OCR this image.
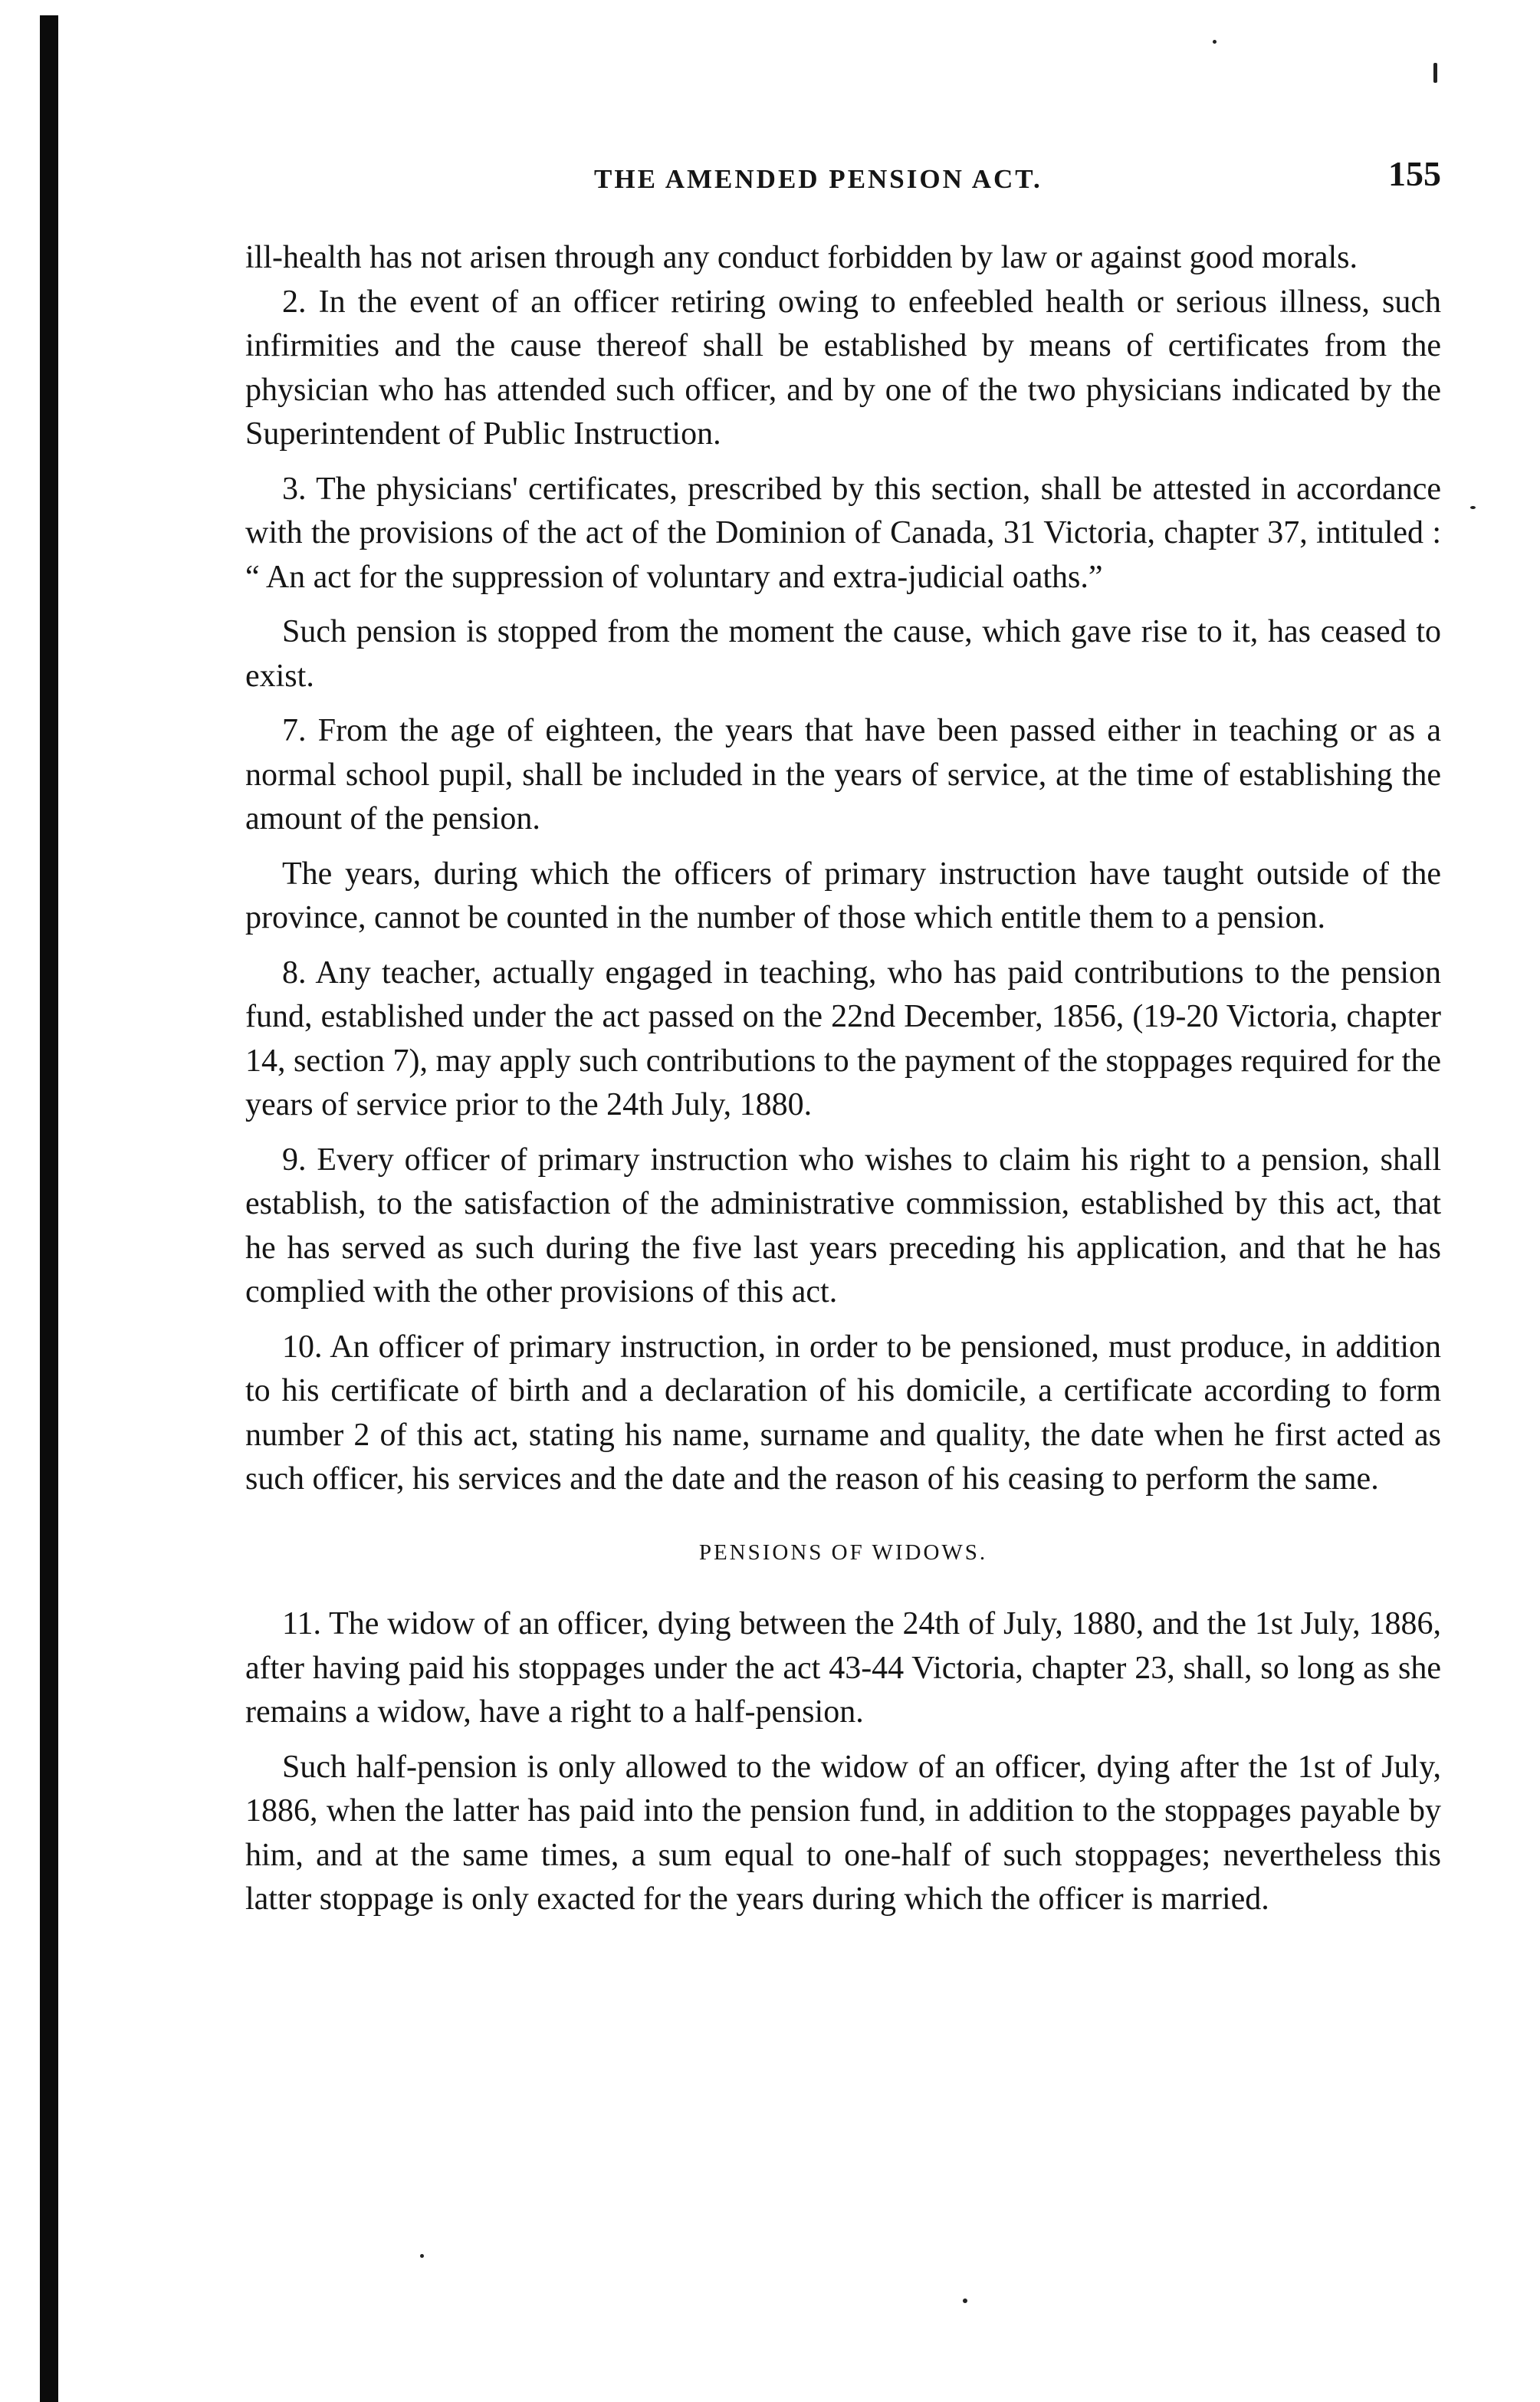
THE AMENDED PENSION ACT.	155

ill-health has not arisen through any conduct forbidden by law or against good morals.

2. In the event of an officer retiring owing to enfeebled health or serious illness, such infirmities and the cause thereof shall be established by means of certificates from the physician who has attended such officer, and by one of the two physicians indicated by the Superintendent of Public Instruction.

3. The physicians' certificates, prescribed by this section, shall be attested in accordance with the provisions of the act of the Dominion of Canada, 31 Victoria, chapter 37, intituled : “ An act for the suppression of voluntary and extra-judicial oaths.”

Such pension is stopped from the moment the cause, which gave rise to it, has ceased to exist.

7. From the age of eighteen, the years that have been passed either in teaching or as a normal school pupil, shall be included in the years of service, at the time of establishing the amount of the pension.

The years, during which the officers of primary instruction have taught outside of the province, cannot be counted in the number of those which entitle them to a pension.

8. Any teacher, actually engaged in teaching, who has paid contributions to the pension fund, established under the act passed on the 22nd December, 1856, (19-20 Victoria, chapter 14, section 7), may apply such contributions to the payment of the stoppages required for the years of service prior to the 24th July, 1880.

9. Every officer of primary instruction who wishes to claim his right to a pension, shall establish, to the satisfaction of the administrative commission, established by this act, that he has served as such during the five last years preceding his application, and that he has complied with the other provisions of this act.

10. An officer of primary instruction, in order to be pensioned, must produce, in addition to his certificate of birth and a declaration of his domicile, a certificate according to form number 2 of this act, stating his name, surname and quality, the date when he first acted as such officer, his services and the date and the reason of his ceasing to perform the same.

PENSIONS OF WIDOWS.

11. The widow of an officer, dying between the 24th of July, 1880, and the 1st July, 1886, after having paid his stoppages under the act 43-44 Victoria, chapter 23, shall, so long as she remains a widow, have a right to a half-pension.

Such half-pension is only allowed to the widow of an officer, dying after the 1st of July, 1886, when the latter has paid into the pension fund, in addition to the stoppages payable by him, and at the same times, a sum equal to one-half of such stoppages; nevertheless this latter stoppage is only exacted for the years during which the officer is married.
